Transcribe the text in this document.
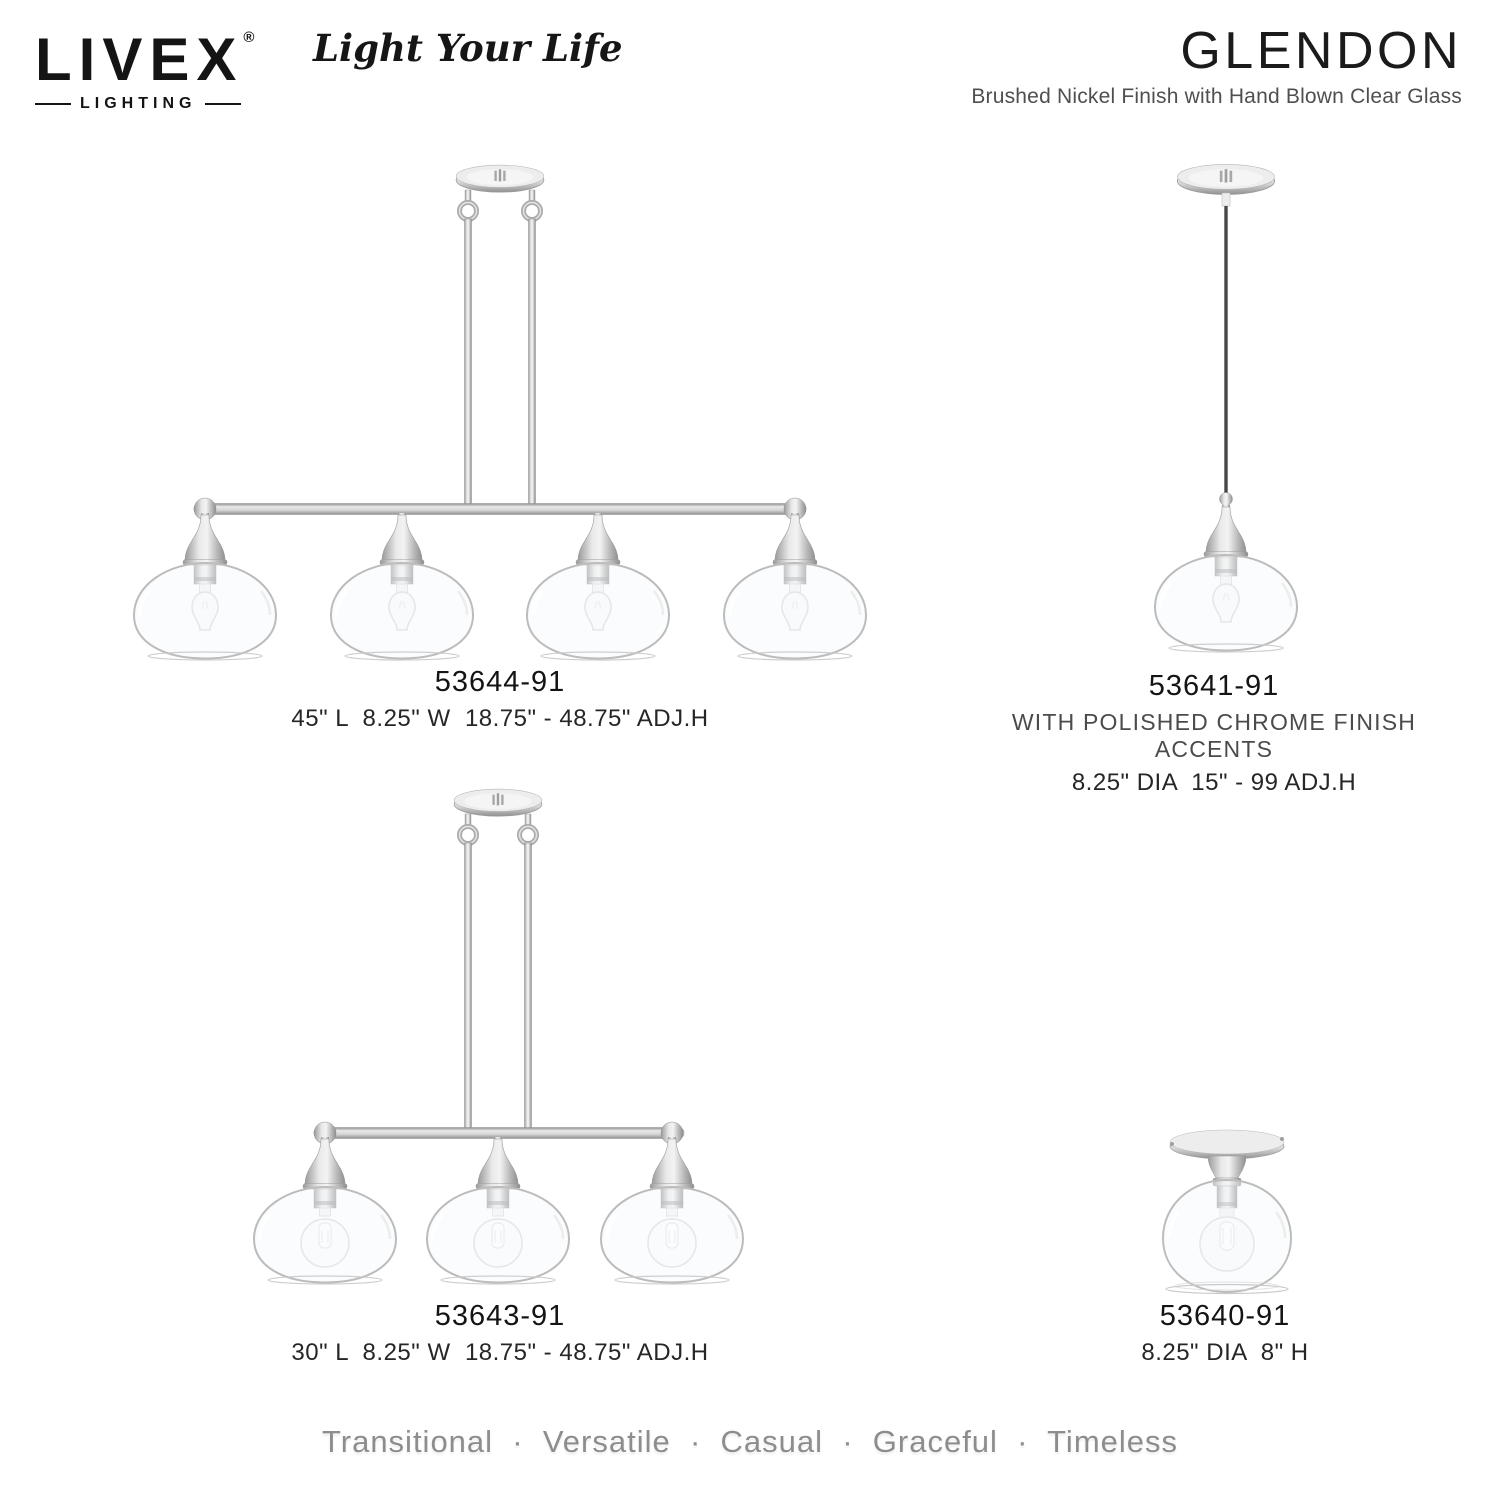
LIVEX ®
LIGHTING
Light Your Life	GLENDON
Brushed Nickel Finish with Hand Blown Clear Glass
53644-91
45" L  8.25" W  18.75" - 48.75" ADJ.H
53641-91
WITH POLISHED CHROME FINISH ACCENTS
8.25" DIA  15" - 99 ADJ.H
53643-91
30" L  8.25" W  18.75" - 48.75" ADJ.H
53640-91
8.25" DIA  8" H
Transitional  ·  Versatile  ·  Casual  ·  Graceful  ·  Timeless
